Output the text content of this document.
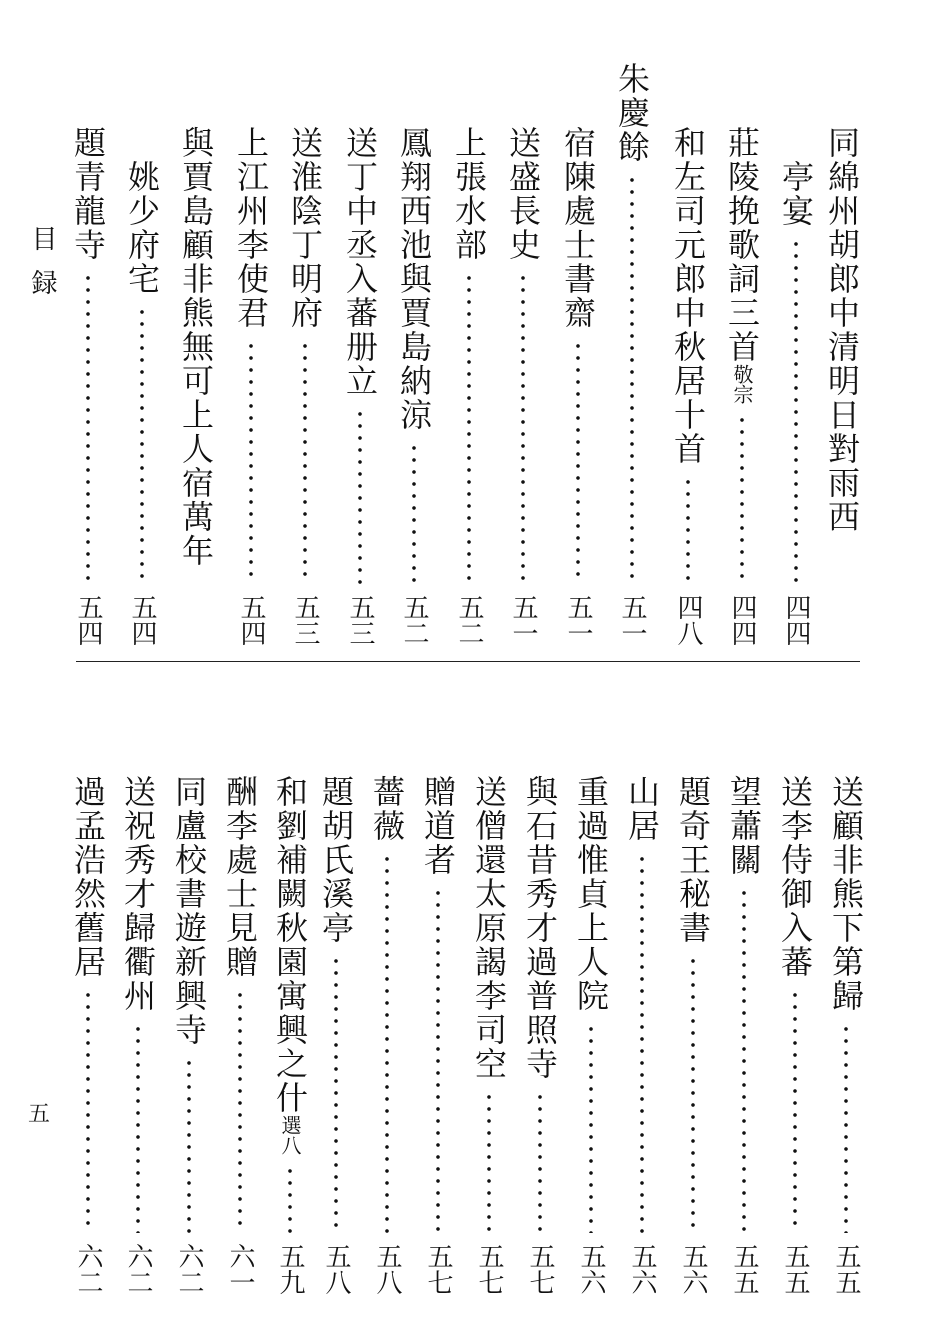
目録
五
同綿州胡郎中清明日對雨西
亭宴
四四
莊陵挽歌詞三首
敬宗
四四
和左司元郎中秋居十首
四八
朱慶餘
五一
宿陳處士書齋
五一
送盛長史
五一
上張水部
五二
鳳翔西池與賈島納涼
五二
送丁中丞入蕃册立
五三
送淮陰丁明府
五三
上江州李使君
五四
與賈島顧非熊無可上人宿萬年
姚少府宅
五四
題青龍寺
五四
送顧非熊下第歸
五五
送李侍御入蕃
五五
望蕭關
五五
題奇王秘書
五六
山居
五六
重過惟貞上人院
五六
與石昔秀才過普照寺
五七
送僧還太原謁李司空
五七
贈道者
五七
薔薇
五八
題胡氏溪亭
五八
和劉補闕秋園寓興之什
選八
五九
酬李處士見贈
六一
同盧校書遊新興寺
六二
送祝秀才歸衢州
六二
過孟浩然舊居
六二
